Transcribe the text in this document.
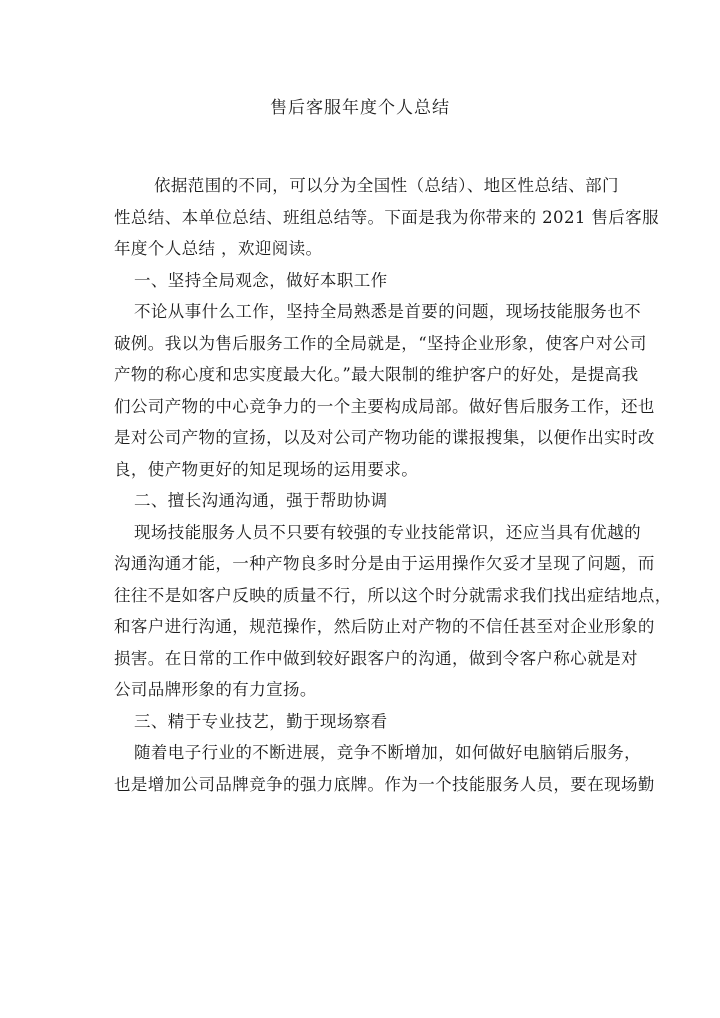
售后客服年度个人总结
依据范围的不同，可以分为全国性（总结）、地区性总结、部门
性总结、本单位总结、班组总结等。下面是我为你带来的 2021 售后客服
年度个人总结 ，欢迎阅读。
一、坚持全局观念，做好本职工作
不论从事什么工作，坚持全局熟悉是首要的问题，现场技能服务也不
破例。我以为售后服务工作的全局就是，“坚持企业形象，使客户对公司
产物的称心度和忠实度最大化。”最大限制的维护客户的好处，是提高我
们公司产物的中心竞争力的一个主要构成局部。做好售后服务工作，还也
是对公司产物的宣扬，以及对公司产物功能的谍报搜集，以便作出实时改
良，使产物更好的知足现场的运用要求。
二、擅长沟通沟通，强于帮助协调
现场技能服务人员不只要有较强的专业技能常识，还应当具有优越的
沟通沟通才能，一种产物良多时分是由于运用操作欠妥才呈现了问题，而
往往不是如客户反映的质量不行，所以这个时分就需求我们找出症结地点，
和客户进行沟通，规范操作，然后防止对产物的不信任甚至对企业形象的
损害。在日常的工作中做到较好跟客户的沟通，做到令客户称心就是对
公司品牌形象的有力宣扬。
三、精于专业技艺，勤于现场察看
随着电子行业的不断进展，竞争不断增加，如何做好电脑销后服务，
也是增加公司品牌竞争的强力底牌。作为一个技能服务人员，要在现场勤
